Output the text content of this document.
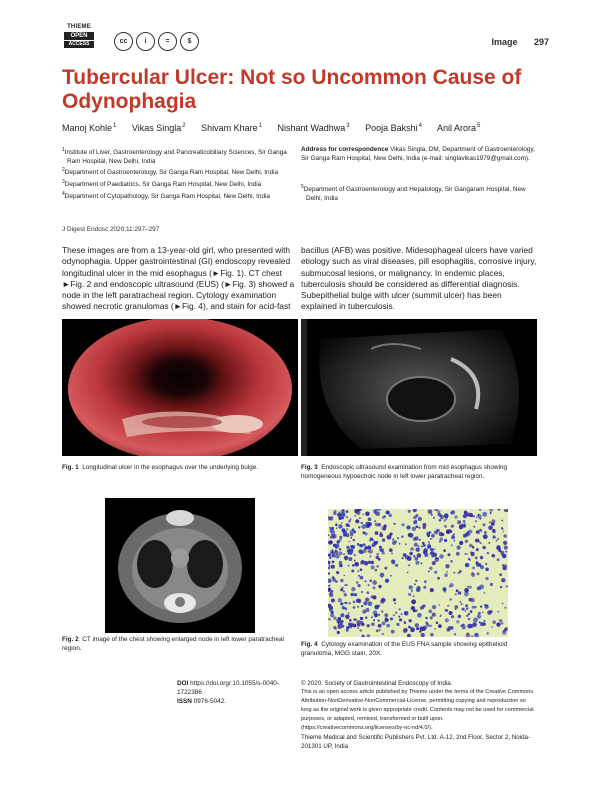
THIEME
OPEN
ACCESS	cc	i	=	$	Image 297
Tubercular Ulcer: Not so Uncommon Cause of Odynophagia
Manoj Kohle$^1$ Vikas Singla$^2$ Shivam Khare$^1$ Nishant Wadhwa$^3$ Pooja Bakshi$^4$ Anil Arora$^5$
$^1$Institute of Liver, Gastroenterology and Pancreaticobiliary Sciences, Sir Ganga Ram Hospital, New Delhi, India
$^2$Department of Gastroenterology, Sir Ganga Ram Hospital, New Delhi, India
$^3$Department of Paediatrics, Sir Ganga Ram Hospital, New Delhi, India
$^4$Department of Cytopathology, Sir Ganga Ram Hospital, New Delhi, India
Address for correspondence Vikas Singla, DM, Department of Gastroenterology, Sir Ganga Ram Hospital, New Delhi, India (e-mail: singlavikas1979@gmail.com).
$^5$Department of Gastroenterology and Hepatology, Sir Gangaram Hospital, New Delhi, India
J Digest Endosc 2020;11:297–297
These images are from a 13-year-old girl, who presented with odynophagia. Upper gastrointestinal (GI) endoscopy revealed longitudinal ulcer in the mid esophagus (►Fig. 1). CT chest ►Fig. 2 and endoscopic ultrasound (EUS) (►Fig. 3) showed a node in the left paratracheal region. Cytology examination showed necrotic granulomas (►Fig. 4), and stain for acid-fast
bacillus (AFB) was positive. Midesophageal ulcers have varied etiology such as viral diseases, pill esophagitis, corrosive injury, submucosal lesions, or malignancy. In endemic places, tuberculosis should be considered as differential diagnosis. Subepithelial bulge with ulcer (summit ulcer) has been explained in tuberculosis.
Fig. 1 Longitudinal ulcer in the esophagus over the underlying bulge.	Fig. 3 Endoscopic ultrasound examination from mid esophagus showing homogeneous hypoechoic node in left lower paratracheal region.
Fig. 2 CT image of the chest showing enlarged node in left lower paratracheal region.
Fig. 4 Cytology examination of the EUS FNA sample showing epithelioid granuloma, MGG stain, 20X.
DOI https://doi.org/ 10.1055/s-0040-1722386
ISSN 0976-5042.
© 2020. Society of Gastrointestinal Endoscopy of India.
This is an open access article published by Thieme under the terms of the Creative Commons Attribution-NonDerivative-NonCommercial-License, permitting copying and reproduction so long as the original work is given appropriate credit. Contents may not be used for commercial purposes, or adapted, remixed, transformed or built upon. (https://creativecommons.org/licenses/by-nc-nd/4.0/).
Thieme Medical and Scientific Publishers Pvt. Ltd. A-12, 2nd Floor, Sector 2, Noida-201301 UP, India
